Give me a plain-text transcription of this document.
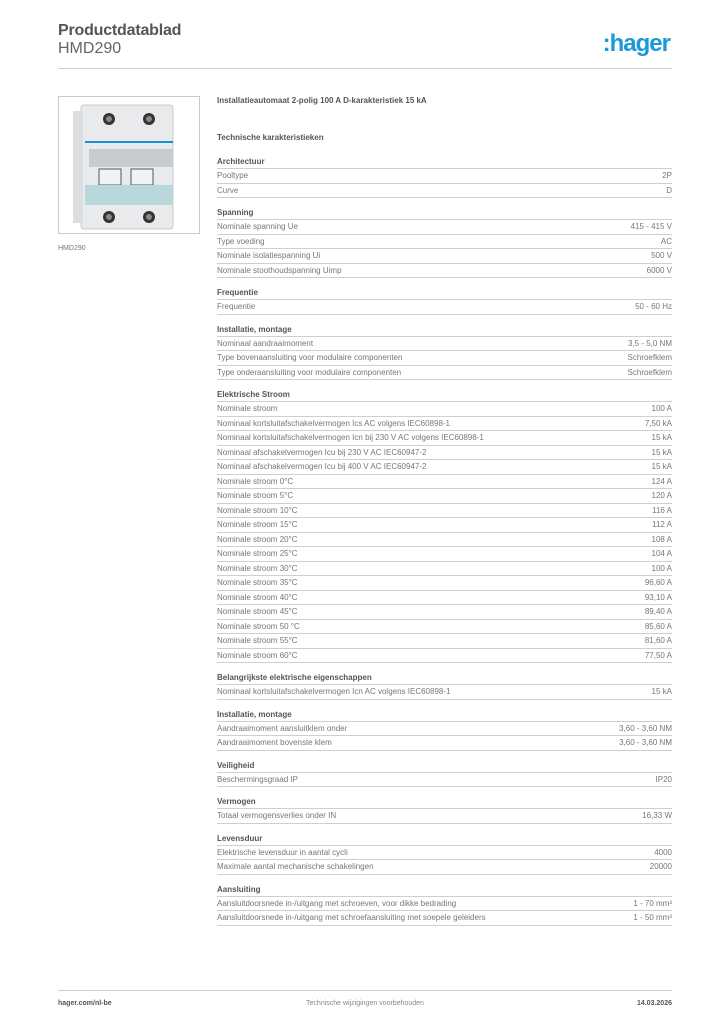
Productdatablad
HMD290	:hager
HMD290
Installatieautomaat 2-polig 100 A D-karakteristiek 15 kA
Technische karakteristieken
Architectuur
Pooltype	2P
Curve	D
Spanning
Nominale spanning Ue	415 - 415 V
Type voeding	AC
Nominale isolatiespanning Ui	500 V
Nominale stoothoudspanning Uimp	6000 V
Frequentie
Frequentie	50 - 60 Hz
Installatie, montage
Nominaal aandraaimoment	3,5 - 5,0 NM
Type bovenaansluiting voor modulaire componenten	Schroefklem
Type onderaansluiting voor modulaire componenten	Schroefklem
Elektrische Stroom
Nominale stroom	100 A
Nominaal kortsluitafschakelvermogen Ics AC volgens IEC60898-1	7,50 kA
Nominaal kortsluitafschakelvermogen Icn bij 230 V AC volgens IEC60898-1	15 kA
Nominaal afschakelvermogen Icu bij 230 V AC IEC60947-2	15 kA
Nominaal afschakelvermogen Icu bij 400 V AC IEC60947-2	15 kA
Nominale stroom 0°C	124 A
Nominale stroom 5°C	120 A
Nominale stroom 10°C	116 A
Nominale stroom 15°C	112 A
Nominale stroom 20°C	108 A
Nominale stroom 25°C	104 A
Nominale stroom 30°C	100 A
Nominale stroom 35°C	96,60 A
Nominale stroom 40°C	93,10 A
Nominale stroom 45°C	89,40 A
Nominale stroom 50 °C	85,60 A
Nominale stroom 55°C	81,60 A
Nominale stroom 60°C	77,50 A
Belangrijkste elektrische eigenschappen
Nominaal kortsluitafschakelvermogen Icn AC volgens IEC60898-1	15 kA
Installatie, montage
Aandraaimoment aansluitklem onder	3,60 - 3,60 NM
Aandraaimoment bovenste klem	3,60 - 3,60 NM
Veiligheid
Beschermingsgraad IP	IP20
Vermogen
Totaal vermogensverlies onder IN	16,33 W
Levensduur
Elektrische levensduur in aantal cycli	4000
Maximale aantal mechanische schakelingen	20000
Aansluiting
Aansluitdoorsnede in-/uitgang met schroeven, voor dikke bedrading	1 - 70 mm²
Aansluitdoorsnede in-/uitgang met schroefaansluiting met soepele geleiders	1 - 50 mm²
hager.com/nl-be	Technische wijzigingen voorbehouden	14.03.2026
